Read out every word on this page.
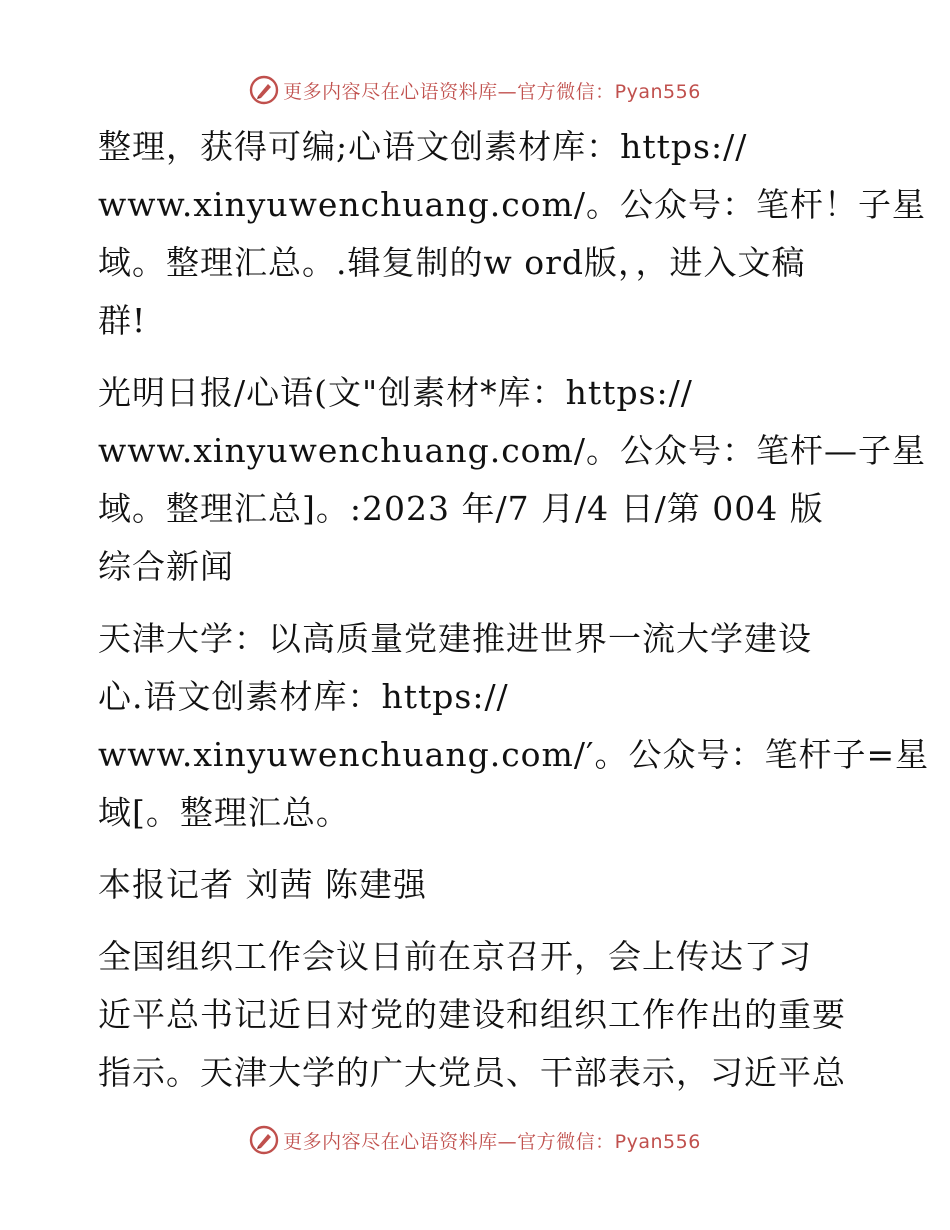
更多内容尽在心语资料库—官方微信：Pyan556
整理，获得可编;心语文创素材库：https://
www.xinyuwenchuang.com/。公众号：笔杆！子星
域。整理汇总。.辑复制的w ord版，，进入文稿
群!
光明日报/心语(文"创素材*库：https://
www.xinyuwenchuang.com/。公众号：笔杆—子星
域。整理汇总]。:2023 年/7 月/4 日/第 004 版
综合新闻
天津大学：以高质量党建推进世界一流大学建设
心.语文创素材库：https://
www.xinyuwenchuang.com/′。公众号：笔杆子=星
域[。整理汇总。
本报记者 刘茜 陈建强
全国组织工作会议日前在京召开，会上传达了习
近平总书记近日对党的建设和组织工作作出的重要
指示。天津大学的广大党员、干部表示，习近平总
更多内容尽在心语资料库—官方微信：Pyan556
